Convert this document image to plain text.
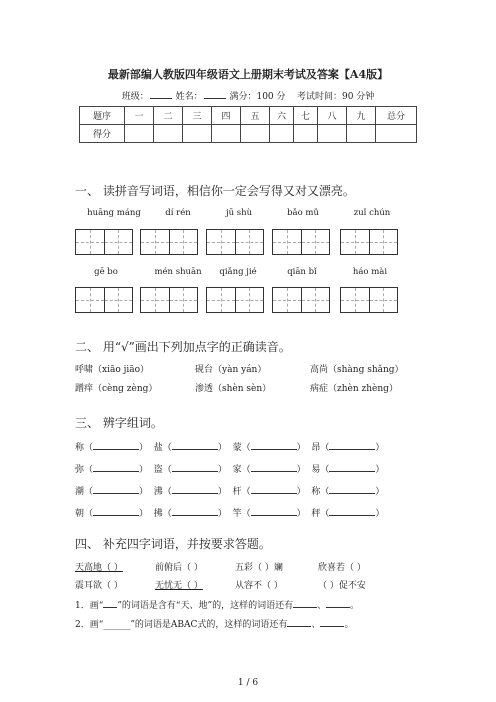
最新部编人教版四年级语文上册期末考试及答案【A4版】
班级：	姓名：	满分：100 分 考试时间：90 分钟
题序	一	二	三	四	五	六	七	八	九	总分
得分										
一、 读拼音写词语，相信你一定会写得又对又漂亮。
huāng máng	dí rén	jū shù	bǎo mǔ	zuǐ chún
gē bo	mén shuān	qiǎng jié	qiān bǐ	háo mài
二、 用“√”画出下列加点字的正确读音。
呼啸（xiāo jiāo）	砚台（yàn yán）	高尚（shàng shǎng）
蹭痒（cèng zèng）	渗透（shèn sèn）	病症（zhèn zhèng）
三、 辨字组词。
称（	） 盐（	） 蒙（	） 昂（	）
弥（	） 盗（	） 家（	） 易（	）
潮（	） 沸（	） 杆（	） 称（	）
朝（	） 拂（	） 竿（	） 秤（	）
四、 补充四字词语，并按要求答题。
天高地（ ）	前俯后（ ）	五彩（ ）斓	欣喜若（ ）
震耳欲（ ）	无忧无（ ）	从容不（ ）	（ ）促不安
1．画“ ”的词语是含有“天、地”的，这样的词语还有	、	。
2．画“______”的词语是ABAC式的，这样的词语还有	、	。
1 / 6
